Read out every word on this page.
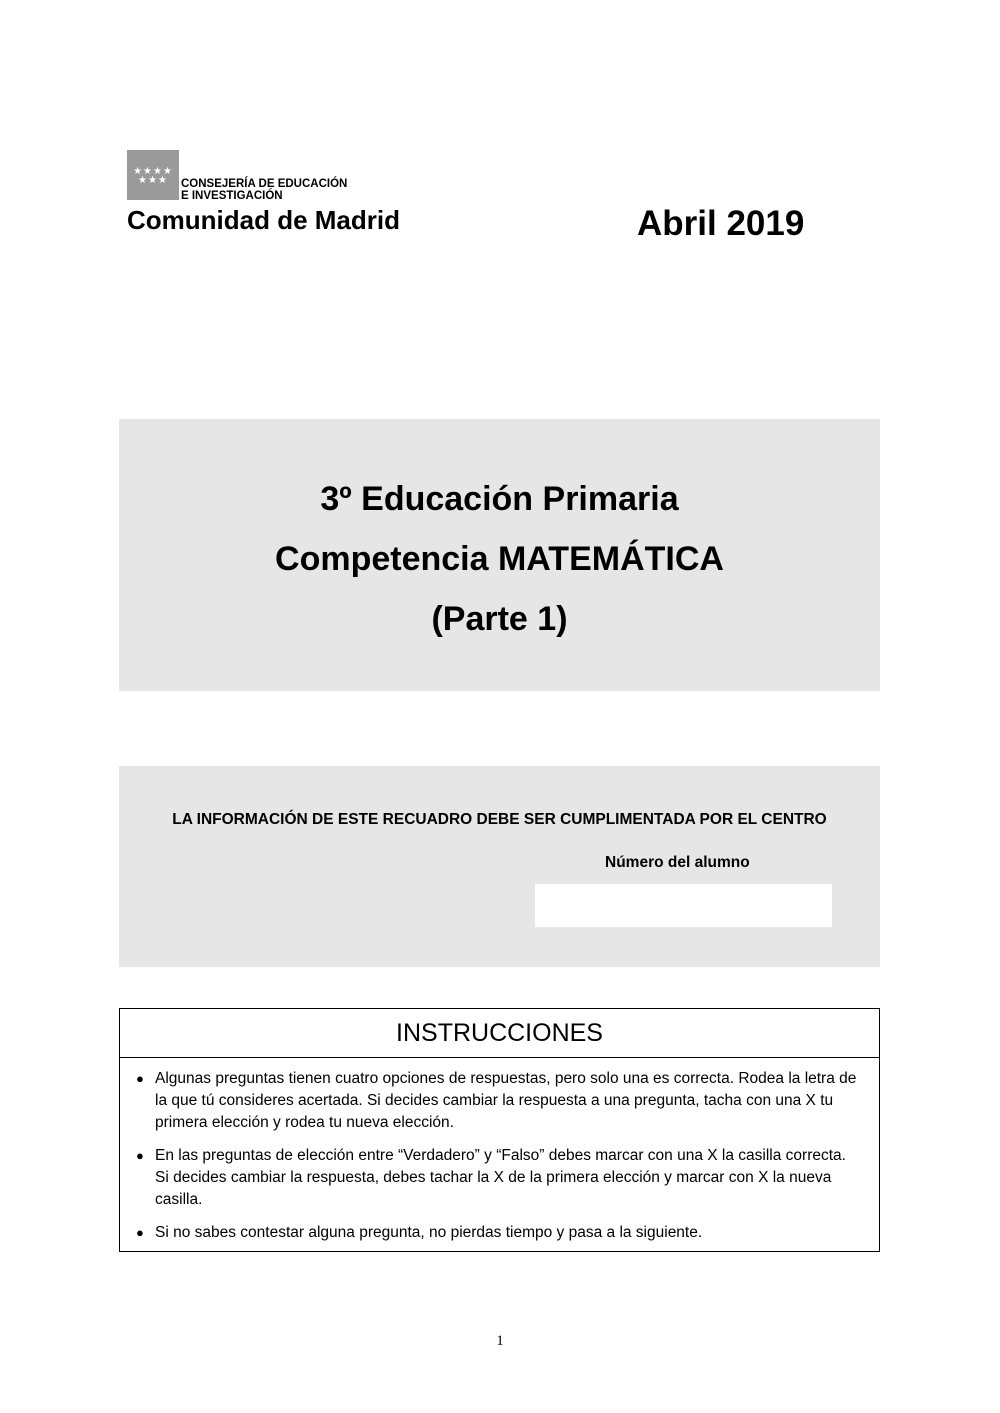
★★★★
★★★	CONSEJERÍA DE EDUCACIÓN
E INVESTIGACIÓN
Comunidad de Madrid	Abril 2019
3º Educación Primaria
Competencia MATEMÁTICA
(Parte 1)
LA INFORMACIÓN DE ESTE RECUADRO DEBE SER CUMPLIMENTADA POR EL CENTRO
Número del alumno
INSTRUCCIONES
● Algunas preguntas tienen cuatro opciones de respuestas, pero solo una es correcta. Rodea la letra de la que tú consideres acertada. Si decides cambiar la respuesta a una pregunta, tacha con una X tu primera elección y rodea tu nueva elección.
● En las preguntas de elección entre “Verdadero” y “Falso” debes marcar con una X la casilla correcta. Si decides cambiar la respuesta, debes tachar la X de la primera elección y marcar con X la nueva casilla.
● Si no sabes contestar alguna pregunta, no pierdas tiempo y pasa a la siguiente.
1
